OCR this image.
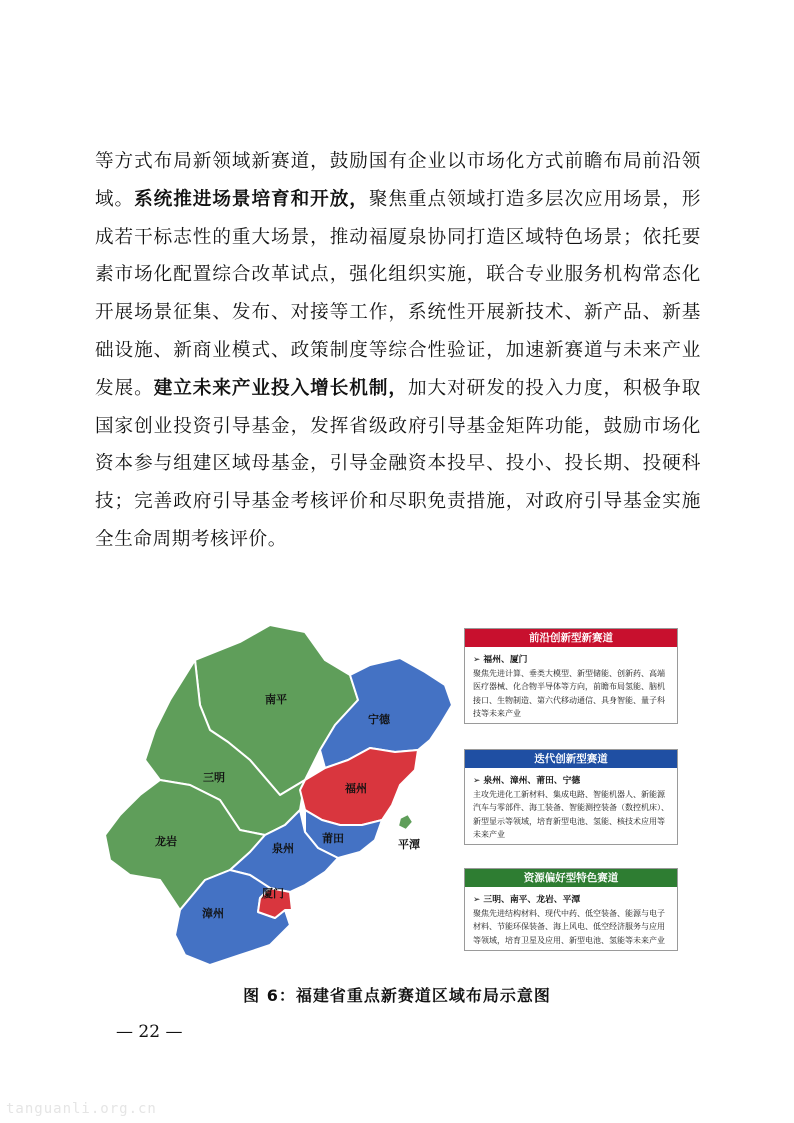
等方式布局新领域新赛道，鼓励国有企业以市场化方式前瞻布局前沿领域。系统推进场景培育和开放，聚焦重点领域打造多层次应用场景，形成若干标志性的重大场景，推动福厦泉协同打造区域特色场景；依托要素市场化配置综合改革试点，强化组织实施，联合专业服务机构常态化开展场景征集、发布、对接等工作，系统性开展新技术、新产品、新基础设施、新商业模式、政策制度等综合性验证，加速新赛道与未来产业发展。建立未来产业投入增长机制，加大对研发的投入力度，积极争取国家创业投资引导基金，发挥省级政府引导基金矩阵功能，鼓励市场化资本参与组建区域母基金，引导金融资本投早、投小、投长期、投硬科技；完善政府引导基金考核评价和尽职免责措施，对政府引导基金实施全生命周期考核评价。

南平
宁德
三明
福州
龙岩	莆田
泉州	平潭
厦门
漳州
前沿创新型新赛道
➢ 福州、厦门
聚焦先进计算、垂类大模型、新型储能、创新药、高端医疗器械、化合物半导体等方向，前瞻布局氢能、脑机接口、生物制造、第六代移动通信、具身智能、量子科技等未来产业
迭代创新型赛道
➢ 泉州、漳州、莆田、宁德
主攻先进化工新材料、集成电路、智能机器人、新能源汽车与零部件、海工装备、智能测控装备（数控机床）、新型显示等领域，培育新型电池、氢能、核技术应用等未来产业
资源偏好型特色赛道
➢ 三明、南平、龙岩、平潭
聚焦先进结构材料、现代中药、低空装备、能源与电子材料、节能环保装备、海上风电、低空经济服务与应用等领域，培育卫星及应用、新型电池、氢能等未来产业
图 6：福建省重点新赛道区域布局示意图
— 22 —
tanguanli.org.cn
